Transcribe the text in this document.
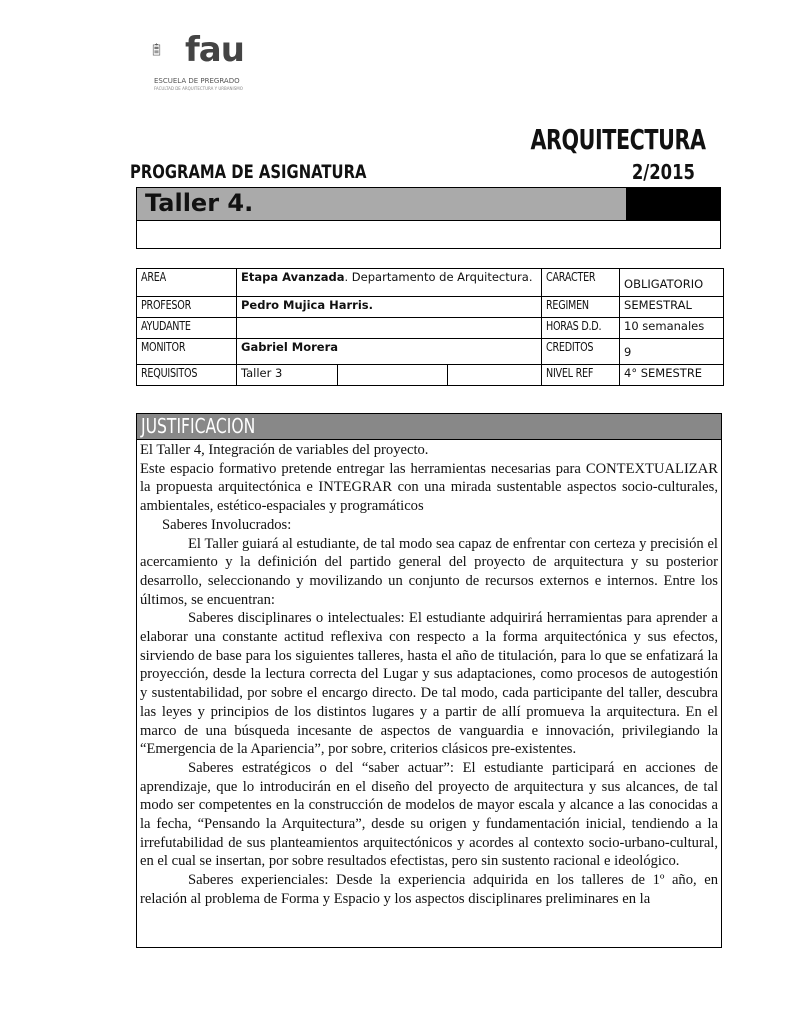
fau
ESCUELA DE PREGRADO
FACULTAD DE ARQUITECTURA Y URBANISMO
ARQUITECTURA
PROGRAMA DE ASIGNATURA	2/2015
Taller 4.
AREA	Etapa Avanzada. Departamento de Arquitectura.			CARACTER	OBLIGATORIO
PROFESOR	Pedro Mujica Harris.			REGIMEN	SEMESTRAL
AYUDANTE				HORAS D.D.	10 semanales
MONITOR	Gabriel Morera			CREDITOS	9
REQUISITOS	Taller 3			NIVEL REF	4° SEMESTRE
JUSTIFICACION

El Taller 4, Integración de variables del proyecto.

Este espacio formativo pretende entregar las herramientas necesarias para CONTEXTUALIZAR la propuesta arquitectónica e INTEGRAR con una mirada sustentable aspectos socio-culturales, ambientales, estético-espaciales y programáticos

Saberes Involucrados:

El Taller guiará al estudiante, de tal modo sea capaz de enfrentar con certeza y precisión el acercamiento y la definición del partido general del proyecto de arquitectura y su posterior desarrollo, seleccionando y movilizando un conjunto de recursos externos e internos. Entre los últimos, se encuentran:

Saberes disciplinares o intelectuales: El estudiante adquirirá herramientas para aprender a elaborar una constante actitud reflexiva con respecto a la forma arquitectónica y sus efectos, sirviendo de base para los siguientes talleres, hasta el año de titulación, para lo que se enfatizará la proyección, desde la lectura correcta del Lugar y sus adaptaciones, como procesos de autogestión y sustentabilidad, por sobre el encargo directo. De tal modo, cada participante del taller, descubra las leyes y principios de los distintos lugares y a partir de allí promueva la arquitectura. En el marco de una búsqueda incesante de aspectos de vanguardia e innovación, privilegiando la “Emergencia de la Apariencia”, por sobre, criterios clásicos pre-existentes.

Saberes estratégicos o del “saber actuar”: El estudiante participará en acciones de aprendizaje, que lo introducirán en el diseño del proyecto de arquitectura y sus alcances, de tal modo ser competentes en la construcción de modelos de mayor escala y alcance a las conocidas a la fecha, “Pensando la Arquitectura”, desde su origen y fundamentación inicial, tendiendo a la irrefutabilidad de sus planteamientos arquitectónicos y acordes al contexto socio-urbano-cultural, en el cual se insertan, por sobre resultados efectistas, pero sin sustento racional e ideológico.

Saberes experienciales: Desde la experiencia adquirida en los talleres de 1º año, en relación al problema de Forma y Espacio y los aspectos disciplinares preliminares en la
